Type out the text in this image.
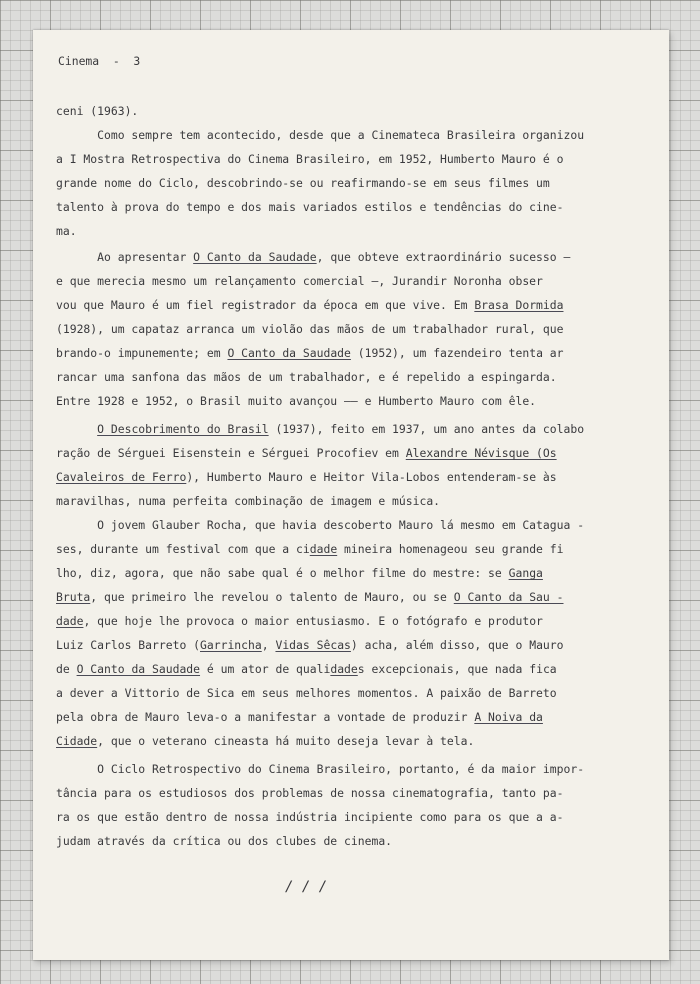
Cinema  -  3
ceni (1963).
Como sempre tem acontecido, desde que a Cinemateca Brasileira organizou
a I Mostra Retrospectiva do Cinema Brasileiro, em 1952, Humberto Mauro é o
grande nome do Ciclo, descobrindo-se ou reafirmando-se em seus filmes um
talento à prova do tempo e dos mais variados estilos e tendências do cine-
ma.
Ao apresentar O Canto da Saudade, que obteve extraordinário sucesso —
e que merecia mesmo um relançamento comercial —, Jurandir Noronha obser
vou que Mauro é um fiel registrador da época em que vive. Em Brasa Dormida
(1928), um capataz arranca um violão das mãos de um trabalhador rural, que
brando-o impunemente; em O Canto da Saudade (1952), um fazendeiro tenta ar
rancar uma sanfona das mãos de um trabalhador, e é repelido a espingarda.
Entre 1928 e 1952, o Brasil muito avançou —— e Humberto Mauro com êle.
O Descobrimento do Brasil (1937), feito em 1937, um ano antes da colabo
ração de Sérguei Eisenstein e Sérguei Procofiev em Alexandre Névisque (Os
Cavaleiros de Ferro), Humberto Mauro e Heitor Vila-Lobos entenderam-se às
maravilhas, numa perfeita combinação de imagem e música.
O jovem Glauber Rocha, que havia descoberto Mauro lá mesmo em Catagua -
ses, durante um festival com que a cidade mineira homenageou seu grande fi
lho, diz, agora, que não sabe qual é o melhor filme do mestre: se Ganga
Bruta, que primeiro lhe revelou o talento de Mauro, ou se O Canto da Sau -
dade, que hoje lhe provoca o maior entusiasmo. E o fotógrafo e produtor
Luiz Carlos Barreto (Garrincha, Vidas Sêcas) acha, além disso, que o Mauro
de O Canto da Saudade é um ator de qualidades excepcionais, que nada fica
a dever a Vittorio de Sica em seus melhores momentos. A paixão de Barreto
pela obra de Mauro leva-o a manifestar a vontade de produzir A Noiva da
Cidade, que o veterano cineasta há muito deseja levar à tela.
O Ciclo Retrospectivo do Cinema Brasileiro, portanto, é da maior impor-
tância para os estudiosos dos problemas de nossa cinematografia, tanto pa-
ra os que estão dentro de nossa indústria incipiente como para os que a a-
judam através da crítica ou dos clubes de cinema.
/ / /
